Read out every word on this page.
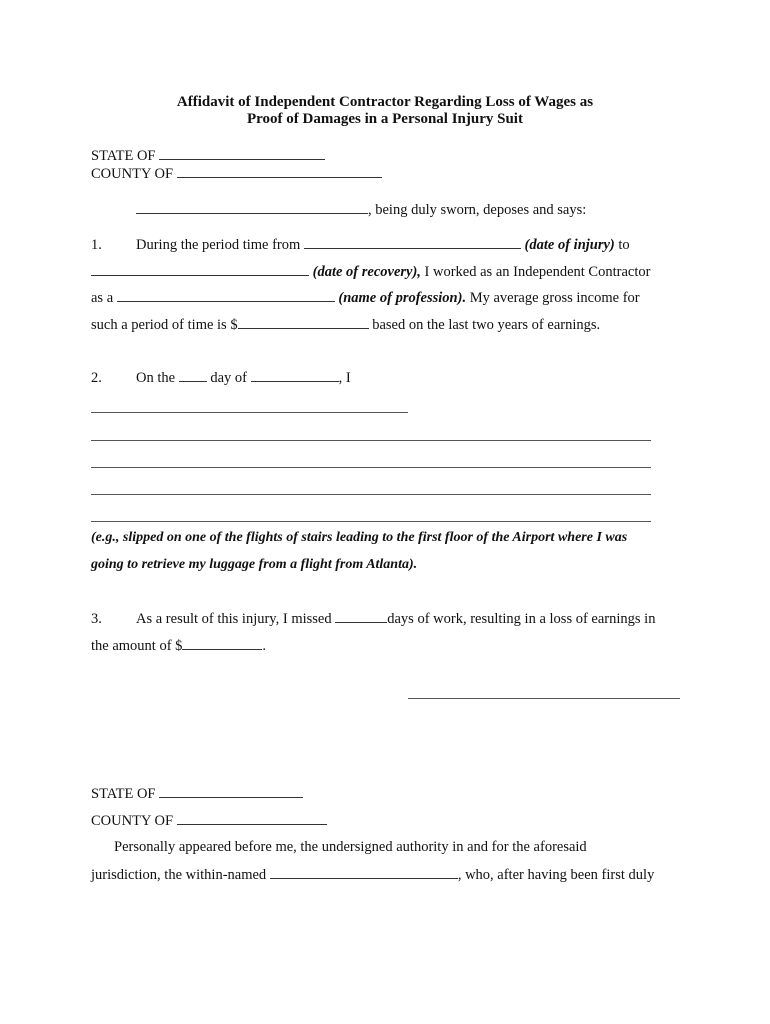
Affidavit of Independent Contractor Regarding Loss of Wages as
Proof of Damages in a Personal Injury Suit
STATE OF
COUNTY OF
, being duly sworn, deposes and says:
1. During the period time from	(date of injury) to
(date of recovery), I worked as an Independent Contractor
as a	(name of profession). My average gross income for
such a period of time is $	based on the last two years of earnings.
2. On the day of	, I
(e.g., slipped on one of the flights of stairs leading to the first floor of the Airport where I was
going to retrieve my luggage from a flight from Atlanta).
3. As a result of this injury, I missed	days of work, resulting in a loss of earnings in
the amount of $	.
STATE OF
COUNTY OF
Personally appeared before me, the undersigned authority in and for the aforesaid
jurisdiction, the within-named	, who, after having been first duly
